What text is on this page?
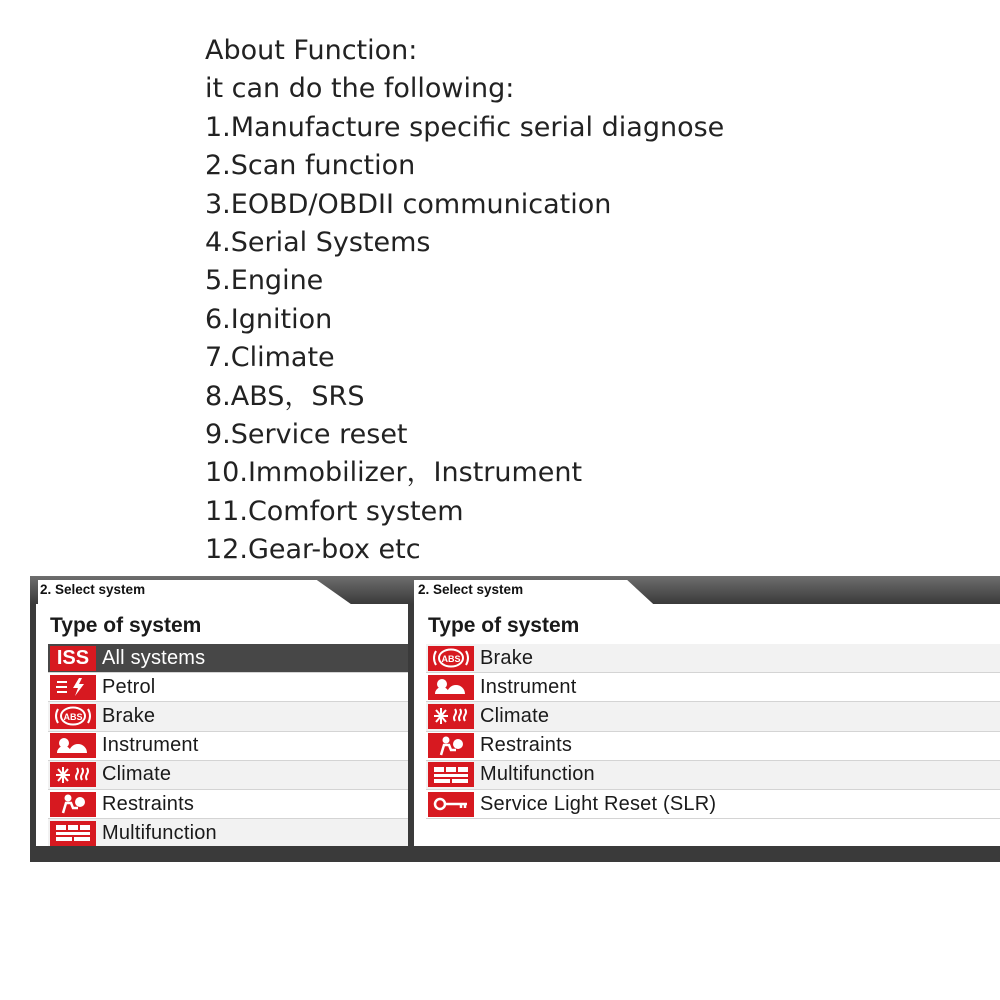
About Function:
it can do the following:
1.Manufacture specific serial diagnose
2.Scan function
3.EOBD/OBDII communication
4.Serial Systems
5.Engine
6.Ignition
7.Climate
8.ABS，SRS
9.Service reset
10.Immobilizer，Instrument
11.Comfort system
12.Gear-box etc
2. Select system
Type of system
ISS All systems
Petrol
ABS Brake
Instrument
Climate
Restraints
Multifunction
2. Select system
Type of system
ABS Brake
Instrument
Climate
Restraints
Multifunction
Service Light Reset (SLR)
